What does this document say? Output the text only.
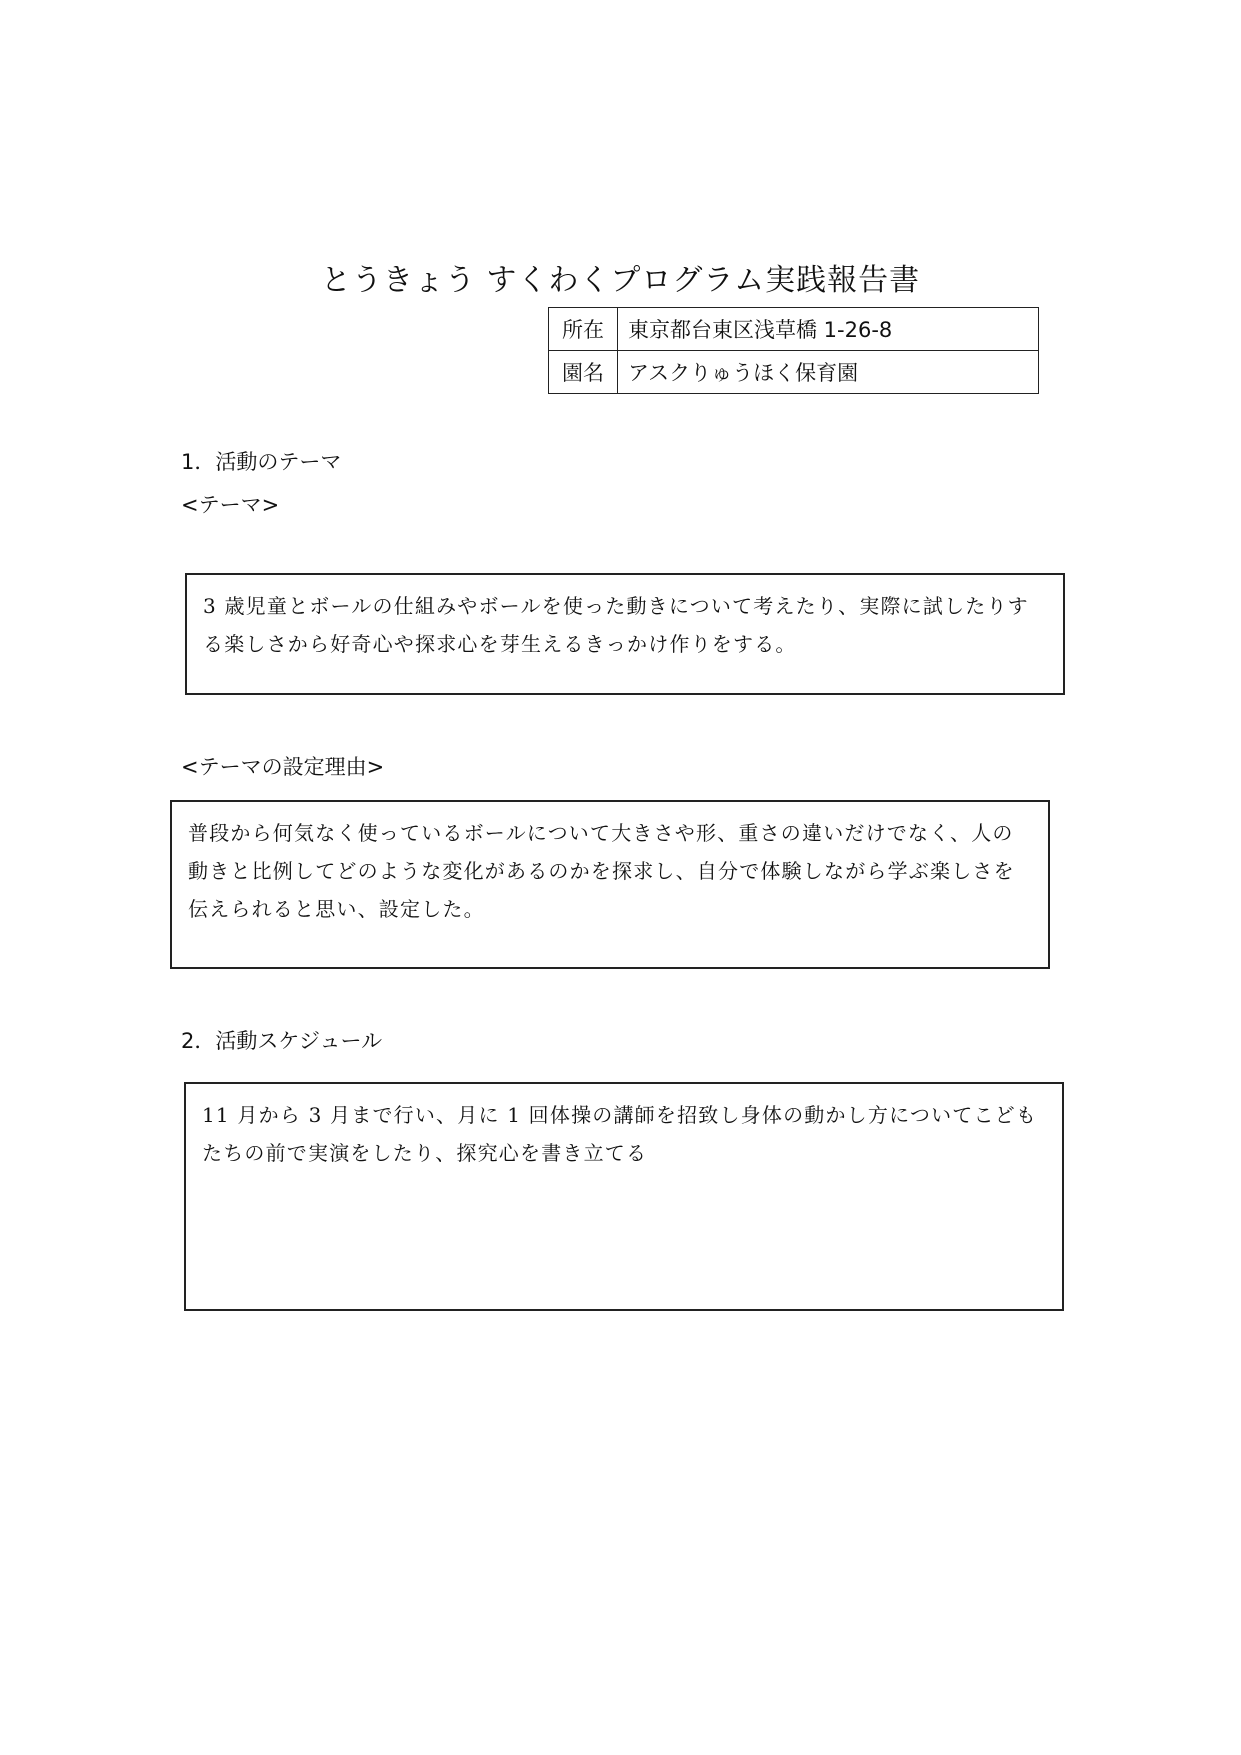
とうきょう すくわくプログラム実践報告書
所在	東京都台東区浅草橋 1-26-8
園名	アスクりゅうほく保育園
1．活動のテーマ
<テーマ>
3 歳児童とボールの仕組みやボールを使った動きについて考えたり、実際に試したりする楽しさから好奇心や探求心を芽生えるきっかけ作りをする。
<テーマの設定理由>
普段から何気なく使っているボールについて大きさや形、重さの違いだけでなく、人の動きと比例してどのような変化があるのかを探求し、自分で体験しながら学ぶ楽しさを伝えられると思い、設定した。
2．活動スケジュール
11 月から 3 月まで行い、月に 1 回体操の講師を招致し身体の動かし方についてこどもたちの前で実演をしたり、探究心を書き立てる
